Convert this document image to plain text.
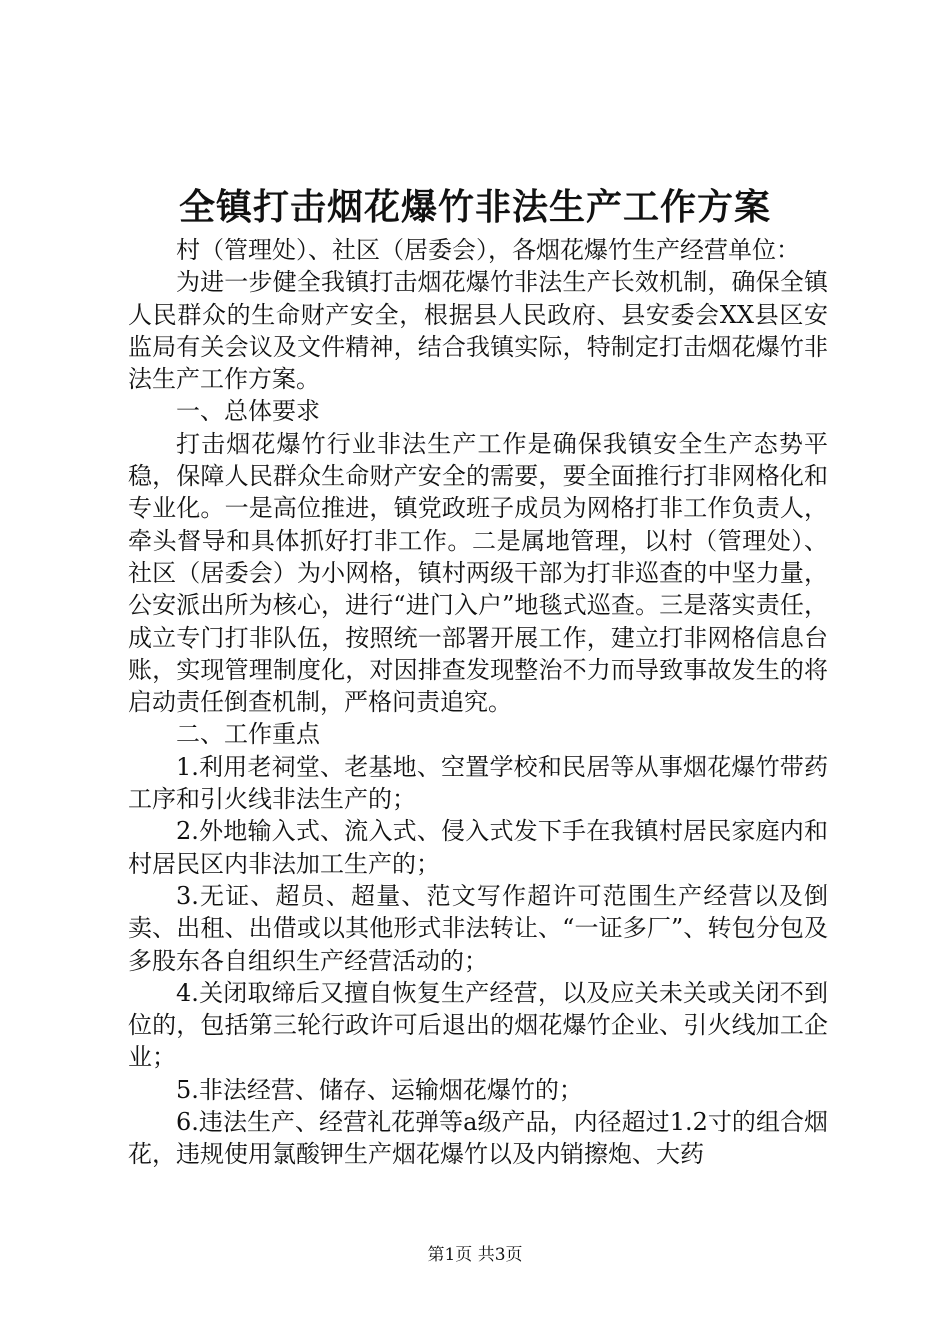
全镇打击烟花爆竹非法生产工作方案

村（管理处）、社区（居委会），各烟花爆竹生产经营单位：

为进一步健全我镇打击烟花爆竹非法生产长效机制，确保全镇人民群众的生命财产安全，根据县人民政府、县安委会XX县区安监局有关会议及文件精神，结合我镇实际，特制定打击烟花爆竹非法生产工作方案。

一、总体要求

打击烟花爆竹行业非法生产工作是确保我镇安全生产态势平稳，保障人民群众生命财产安全的需要，要全面推行打非网格化和专业化。一是高位推进，镇党政班子成员为网格打非工作负责人，牵头督导和具体抓好打非工作。二是属地管理，以村（管理处）、社区（居委会）为小网格，镇村两级干部为打非巡查的中坚力量，公安派出所为核心，进行“进门入户”地毯式巡查。三是落实责任，成立专门打非队伍，按照统一部署开展工作，建立打非网格信息台账，实现管理制度化，对因排查发现整治不力而导致事故发生的将启动责任倒查机制，严格问责追究。

二、工作重点

1.利用老祠堂、老基地、空置学校和民居等从事烟花爆竹带药工序和引火线非法生产的；

2.外地输入式、流入式、侵入式发下手在我镇村居民家庭内和村居民区内非法加工生产的；

3.无证、超员、超量、范文写作超许可范围生产经营以及倒卖、出租、出借或以其他形式非法转让、“一证多厂”、转包分包及多股东各自组织生产经营活动的；

4.关闭取缔后又擅自恢复生产经营，以及应关未关或关闭不到位的，包括第三轮行政许可后退出的烟花爆竹企业、引火线加工企业；

5.非法经营、储存、运输烟花爆竹的；

6.违法生产、经营礼花弹等a级产品，内径超过1.2寸的组合烟花，违规使用氯酸钾生产烟花爆竹以及内销擦炮、大药

第1页 共3页
